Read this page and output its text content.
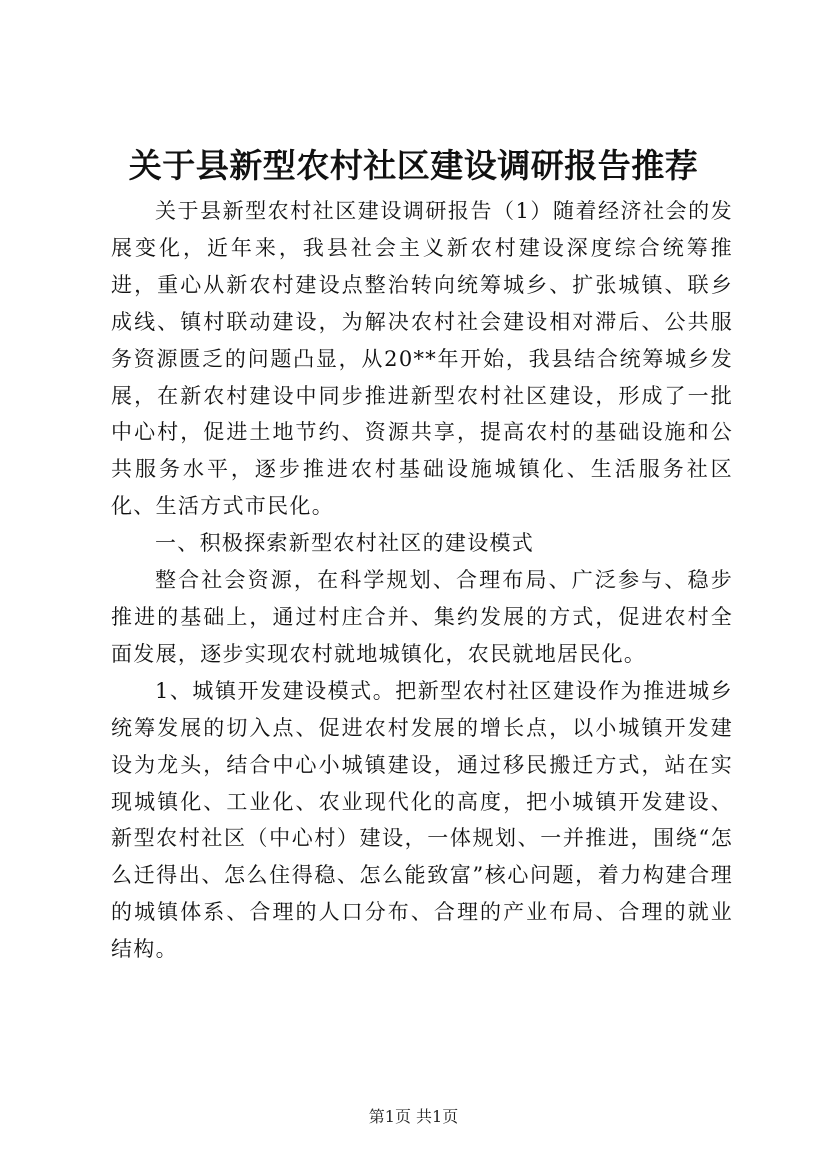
关于县新型农村社区建设调研报告推荐

关于县新型农村社区建设调研报告（1）随着经济社会的发展变化，近年来，我县社会主义新农村建设深度综合统筹推进，重心从新农村建设点整治转向统筹城乡、扩张城镇、联乡成线、镇村联动建设，为解决农村社会建设相对滞后、公共服务资源匮乏的问题凸显，从20**年开始，我县结合统筹城乡发展，在新农村建设中同步推进新型农村社区建设，形成了一批中心村，促进土地节约、资源共享，提高农村的基础设施和公共服务水平，逐步推进农村基础设施城镇化、生活服务社区化、生活方式市民化。

一、积极探索新型农村社区的建设模式

整合社会资源，在科学规划、合理布局、广泛参与、稳步推进的基础上，通过村庄合并、集约发展的方式，促进农村全面发展，逐步实现农村就地城镇化，农民就地居民化。

1、城镇开发建设模式。把新型农村社区建设作为推进城乡统筹发展的切入点、促进农村发展的增长点，以小城镇开发建设为龙头，结合中心小城镇建设，通过移民搬迁方式，站在实现城镇化、工业化、农业现代化的高度，把小城镇开发建设、新型农村社区（中心村）建设，一体规划、一并推进，围绕“怎么迁得出、怎么住得稳、怎么能致富”核心问题，着力构建合理的城镇体系、合理的人口分布、合理的产业布局、合理的就业结构。

第1页 共1页
